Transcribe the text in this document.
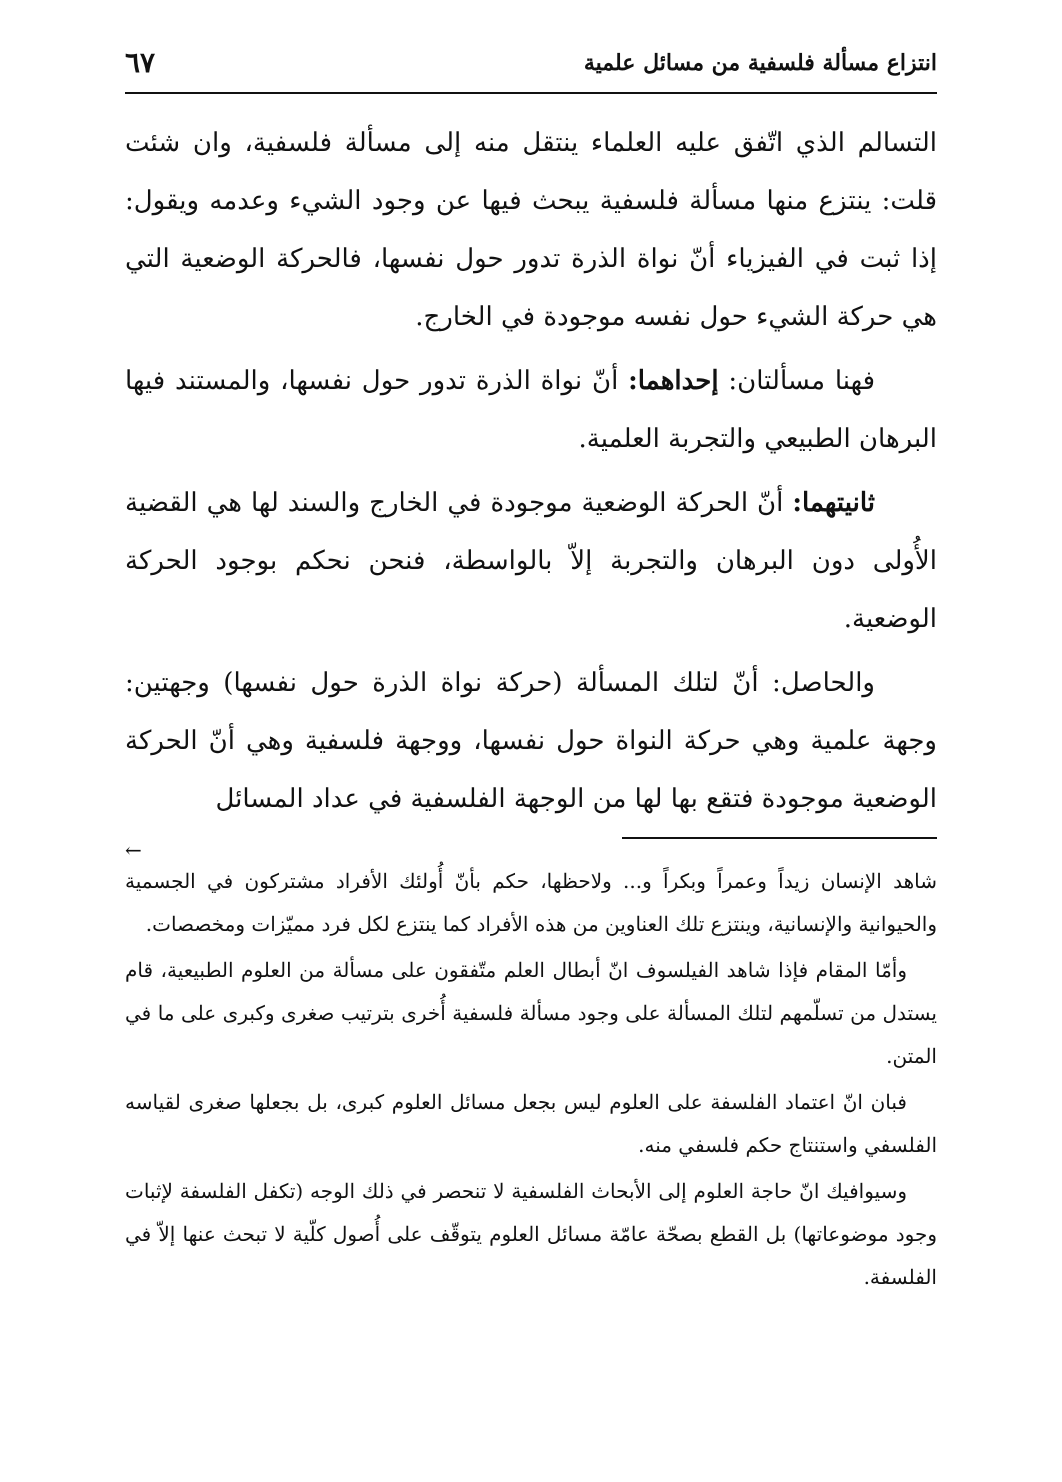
انتزاع مسألة فلسفية من مسائل علمية
٦٧

التسالم الذي اتّفق عليه العلماء ينتقل منه إلى مسألة فلسفية، وان شئت قلت: ينتزع منها مسألة فلسفية يبحث فيها عن وجود الشيء وعدمه ويقول: إذا ثبت في الفيزياء أنّ نواة الذرة تدور حول نفسها، فالحركة الوضعية التي هي حركة الشيء حول نفسه موجودة في الخارج.

فهنا مسألتان: إحداهما: أنّ نواة الذرة تدور حول نفسها، والمستند فيها البرهان الطبيعي والتجربة العلمية.

ثانيتهما: أنّ الحركة الوضعية موجودة في الخارج والسند لها هي القضية الأُولى دون البرهان والتجربة إلاّ بالواسطة، فنحن نحكم بوجود الحركة الوضعية.

والحاصل: أنّ لتلك المسألة (حركة نواة الذرة حول نفسها) وجهتين: وجهة علمية وهي حركة النواة حول نفسها، ووجهة فلسفية وهي أنّ الحركة الوضعية موجودة فتقع بها لها من الوجهة الفلسفية في عداد المسائل

←

شاهد الإنسان زيداً وعمراً وبكراً و... ولاحظها، حكم بأنّ أُولئك الأفراد مشتركون في الجسمية والحيوانية والإنسانية، وينتزع تلك العناوين من هذه الأفراد كما ينتزع لكل فرد مميّزات ومخصصات.

وأمّا المقام فإذا شاهد الفيلسوف انّ أبطال العلم متّفقون على مسألة من العلوم الطبيعية، قام يستدل من تسلّمهم لتلك المسألة على وجود مسألة فلسفية أُخرى بترتيب صغرى وكبرى على ما في المتن.

فبان انّ اعتماد الفلسفة على العلوم ليس بجعل مسائل العلوم كبرى، بل بجعلها صغرى لقياسه الفلسفي واستنتاج حكم فلسفي منه.

وسيوافيك انّ حاجة العلوم إلى الأبحاث الفلسفية لا تنحصر في ذلك الوجه (تكفل الفلسفة لإثبات وجود موضوعاتها) بل القطع بصحّة عامّة مسائل العلوم يتوقّف على أُصول كلّية لا تبحث عنها إلاّ في الفلسفة.
